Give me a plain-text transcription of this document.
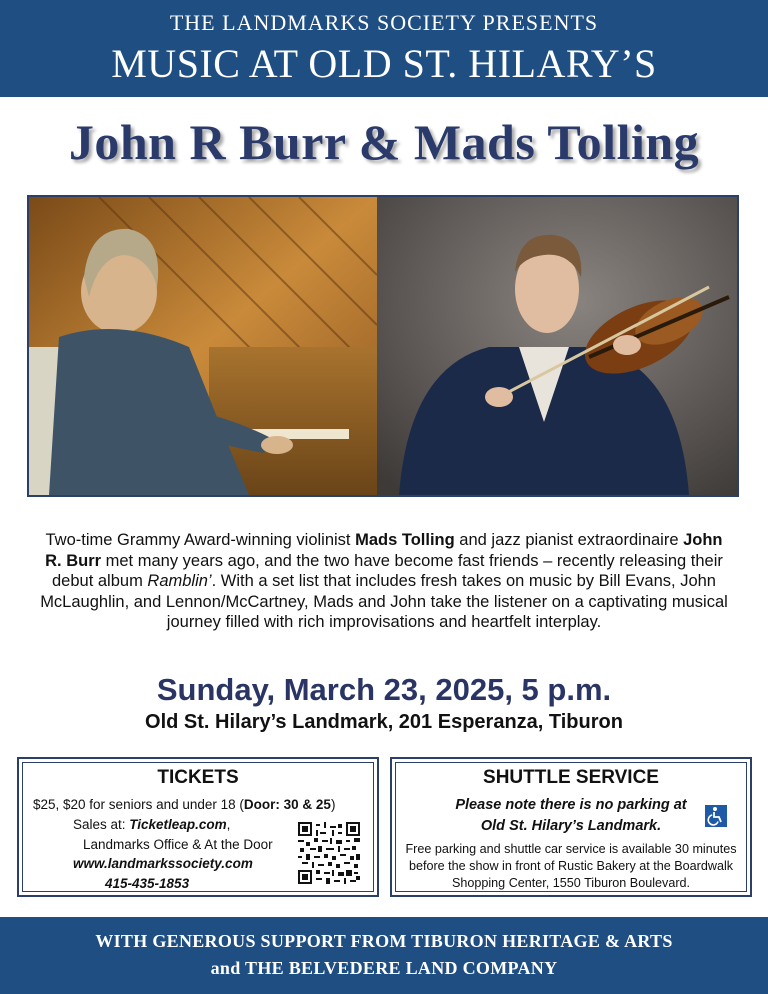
THE LANDMARKS SOCIETY PRESENTS
MUSIC AT OLD ST. HILARY’S
John R Burr & Mads Tolling
Two-time Grammy Award-winning violinist Mads Tolling and jazz pianist extraordinaire John R. Burr met many years ago, and the two have become fast friends – recently releasing their debut album Ramblin’. With a set list that includes fresh takes on music by Bill Evans, John McLaughlin, and Lennon/McCartney, Mads and John take the listener on a captivating musical journey filled with rich improvisations and heartfelt interplay.
Sunday, March 23, 2025, 5 p.m.
Old St. Hilary’s Landmark, 201 Esperanza, Tiburon
TICKETS
$25, $20 for seniors and under 18 (Door: 30 & 25)
Sales at: Ticketleap.com,
Landmarks Office & At the Door
www.landmarkssociety.com
415-435-1853
SHUTTLE SERVICE
Please note there is no parking at
Old St. Hilary’s Landmark.
Free parking and shuttle car service is available 30 minutes before the show in front of Rustic Bakery at the Boardwalk Shopping Center, 1550 Tiburon Boulevard.
WITH GENEROUS SUPPORT FROM TIBURON HERITAGE & ARTS
and THE BELVEDERE LAND COMPANY
